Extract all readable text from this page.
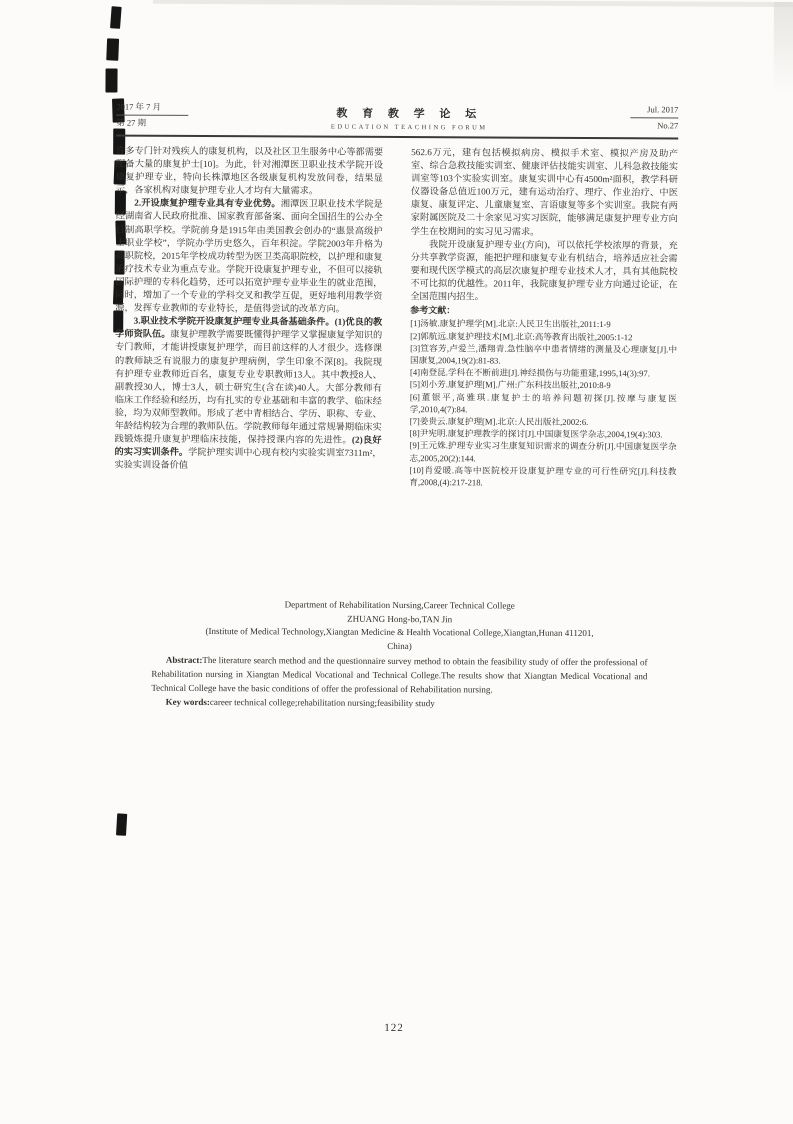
2017 年 7 月
第 27 期
教 育 教 学 论 坛
EDUCATION TEACHING FORUM
Jul. 2017
No.27

许多专门针对残疾人的康复机构，以及社区卫生服务中心等都需要配备大量的康复护士[10]。为此，针对湘潭医卫职业技术学院开设康复护理专业，特向长株潭地区各级康复机构发放问卷，结果显示，各家机构对康复护理专业人才均有大量需求。

2.开设康复护理专业具有专业优势。湘潭医卫职业技术学院是经湖南省人民政府批准、国家教育部备案、面向全国招生的公办全日制高职学校。学院前身是1915年由美国教会创办的“惠景高级护士职业学校”，学院办学历史悠久，百年积淀。学院2003年升格为高职院校，2015年学校成功转型为医卫类高职院校，以护理和康复治疗技术专业为重点专业。学院开设康复护理专业，不但可以接轨国际护理的专科化趋势，还可以拓宽护理专业毕业生的就业范围，同时，增加了一个专业的学科交叉和教学互促，更好地利用教学资源，发挥专业教师的专业特长，是值得尝试的改革方向。

3.职业技术学院开设康复护理专业具备基础条件。(1)优良的教学师资队伍。康复护理教学需要既懂得护理学又掌握康复学知识的专门教师，才能讲授康复护理学，而目前这样的人才很少。选修课的教师缺乏有说服力的康复护理病例，学生印象不深[8]。我院现有护理专业教师近百名，康复专业专职教师13人。其中教授8人、副教授30人，博士3人，硕士研究生(含在读)40人。大部分教师有临床工作经验和经历，均有扎实的专业基础和丰富的教学、临床经验，均为双师型教师。形成了老中青相结合、学历、职称、专业、年龄结构较为合理的教师队伍。学院教师每年通过常规暑期临床实践锻炼提升康复护理临床技能，保持授课内容的先进性。(2)良好的实习实训条件。学院护理实训中心现有校内实验实训室7311m²，实验实训设备价值

562.6万元，建有包括模拟病房、模拟手术室、模拟产房及助产室、综合急救技能实训室、健康评估技能实训室、儿科急救技能实训室等103个实验实训室。康复实训中心有4500m²面积，教学科研仪器设备总值近100万元，建有运动治疗、理疗、作业治疗、中医康复、康复评定、儿童康复室、言语康复等多个实训室。我院有两家附属医院及二十余家见习实习医院，能够满足康复护理专业方向学生在校期间的实习见习需求。

我院开设康复护理专业(方向)，可以依托学校浓厚的背景，充分共享教学资源，能把护理和康复专业有机结合，培养适应社会需要和现代医学模式的高层次康复护理专业技术人才，具有其他院校不可比拟的优越性。2011年，我院康复护理专业方向通过论证，在全国范围内招生。

参考文献：
[1]汤敏.康复护理学[M].北京:人民卫生出版社,2011:1-9
[2]郭航远.康复护理技术[M].北京:高等教育出版社,2005:1-12
[3]笪容芳,卢爱兰,潘翔青.急性脑卒中患者情绪的测量及心理康复[J].中国康复,2004,19(2):81-83.
[4]南登昆.学科在不断前进[J].神经损伤与功能重建,1995,14(3):97.
[5]刘小芳.康复护理[M].广州:广东科技出版社,2010:8-9
[6]董银平,高雅琪.康复护士的培养问题初探[J].按摩与康复医学,2010,4(7):84.
[7]姜贵云.康复护理[M].北京:人民出版社,2002:6.
[8]尹宪明.康复护理教学的探讨[J].中国康复医学杂志,2004,19(4):303.
[9]王元姝.护理专业实习生康复知识需求的调查分析[J].中国康复医学杂志,2005,20(2):144.
[10]肖爱暖.高等中医院校开设康复护理专业的可行性研究[J].科技教育,2008,(4):217-218.
Department of Rehabilitation Nursing,Career Technical College
ZHUANG Hong-bo,TAN Jin
(Institute of Medical Technology,Xiangtan Medicine & Health Vocational College,Xiangtan,Hunan 411201,
China)

Abstract:The literature search method and the questionnaire survey method to obtain the feasibility study of offer the professional of Rehabilitation nursing in Xiangtan Medical Vocational and Technical College.The results show that Xiangtan Medical Vocational and Technical College have the basic conditions of offer the professional of Rehabilitation nursing.

Key words:career technical college;rehabilitation nursing;feasibility study

122
